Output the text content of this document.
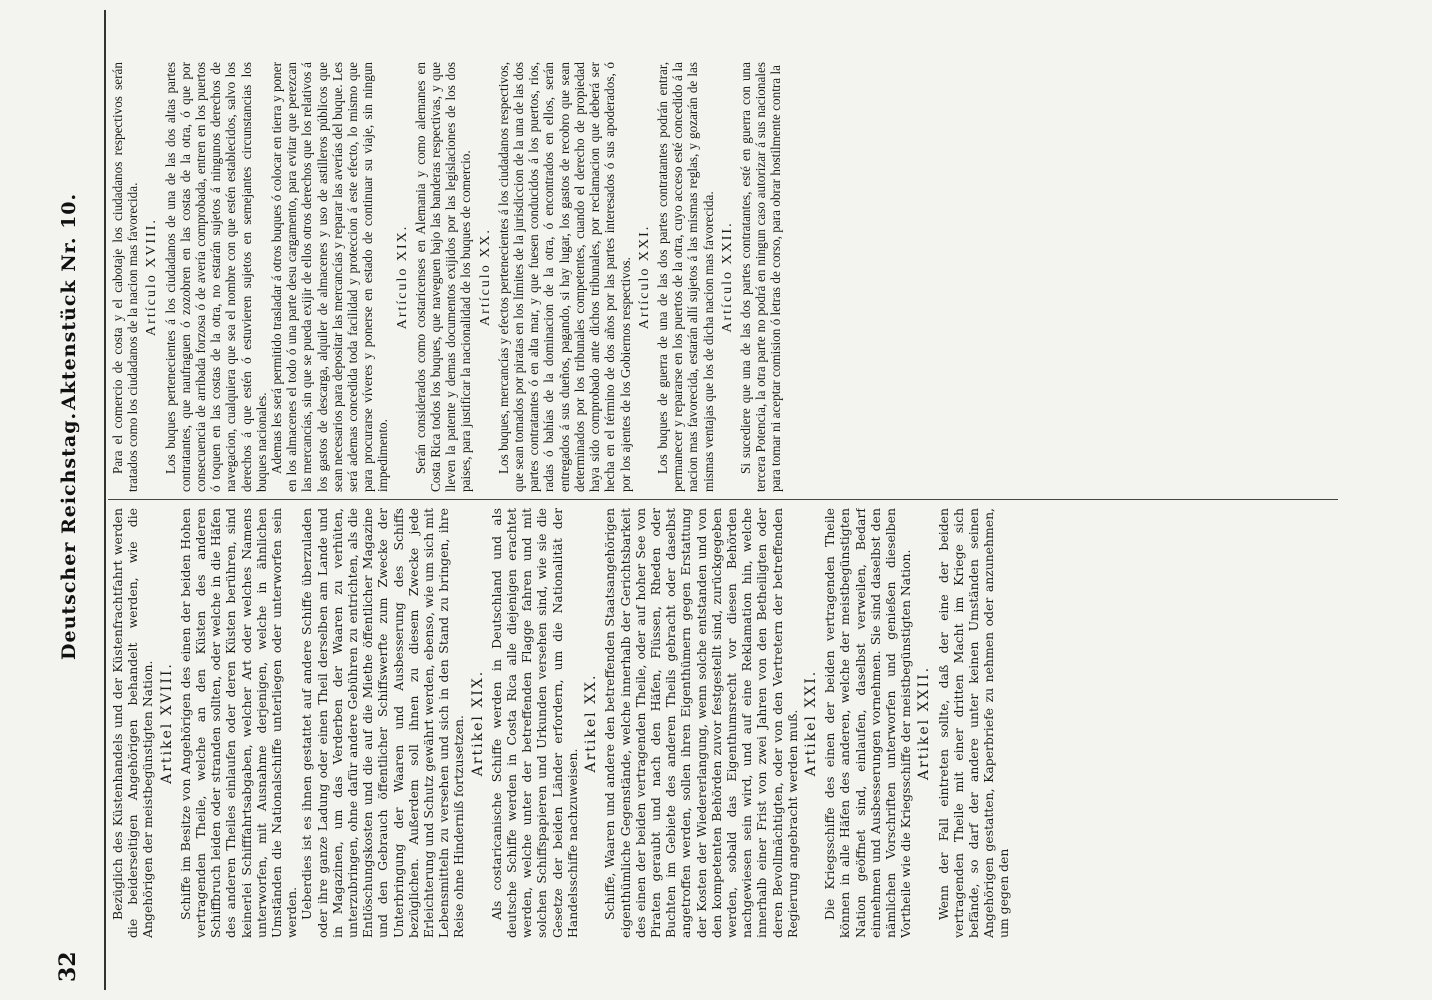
32
Deutscher Reichstag.
Aktenstück Nr. 10.

Bezüglich des Küstenhandels und der Küstenfrachtfahrt werden die beiderseitigen Angehörigen behandelt werden, wie die Angehörigen der meistbegünstigten Nation. Artikel XVIII. Schiffe im Besitze von Angehörigen des einen der beiden Hohen vertragenden Theile, welche an den Küsten des anderen Schiffbruch leiden oder stranden sollten, oder welche in die Häfen des anderen Theiles einlaufen oder deren Küsten berühren, sind keinerlei Schifffahrtsabgaben, welcher Art oder welches Namens unterworfen, mit Ausnahme derjenigen, welche in ähnlichen Umständen die Nationalschiffe unterliegen oder unterworfen sein werden. Ueberdies ist es ihnen gestattet auf andere Schiffe überzuladen oder ihre ganze Ladung oder einen Theil derselben am Lande und in Magazinen, um das Verderben der Waaren zu verhüten, unterzubringen, ohne dafür andere Gebühren zu entrichten, als die Entlöschungskosten und die auf die Miethe öffentlicher Magazine und den Gebrauch öffentlicher Schiffswerfte zum Zwecke der Unterbringung der Waaren und Ausbesserung des Schiffs bezüglichen. Außerdem soll ihnen zu diesem Zwecke jede Erleichterung und Schutz gewährt werden, ebenso, wie um sich mit Lebensmitteln zu versehen und sich in den Stand zu bringen, ihre Reise ohne Hinderniß fortzusetzen. Artikel XIX. Als costaricanische Schiffe werden in Deutschland und als deutsche Schiffe werden in Costa Rica alle diejenigen erachtet werden, welche unter der betreffenden Flagge fahren und mit solchen Schiffspapieren und Urkunden versehen sind, wie sie die Gesetze der beiden Länder erfordern, um die Nationalität der Handelsschiffe nachzuweisen.

Artikel XX. Schiffe, Waaren und andere den betreffenden Staatsangehörigen eigenthümliche Gegenstände, welche innerhalb der Gerichtsbarkeit des einen der beiden vertragenden Theile, oder auf hoher See von Piraten geraubt und nach den Häfen, Flüssen, Rheden oder Buchten im Gebiete des anderen Theils gebracht oder daselbst angetroffen werden, sollen ihren Eigenthümern gegen Erstattung der Kosten der Wiedererlangung, wenn solche entstanden und von den kompetenten Behörden zuvor festgestellt sind, zurückgegeben werden, sobald das Eigenthumsrecht vor diesen Behörden nachgewiesen sein wird, und auf eine Reklamation hin, welche innerhalb einer Frist von zwei Jahren von den Betheiligten oder deren Bevollmächtigten, oder von den Vertretern der betreffenden Regierung angebracht werden muß. Artikel XXI. Die Kriegsschiffe des einen der beiden vertragenden Theile können in alle Häfen des anderen, welche der meistbegünstigten Nation geöffnet sind, einlaufen, daselbst verweilen, Bedarf einnehmen und Ausbesserungen vornehmen. Sie sind daselbst den nämlichen Vorschriften unterworfen und genießen dieselben Vortheile wie die Kriegsschiffe der meistbegünstigten Nation. Artikel XXII. Wenn der Fall eintreten sollte, daß der eine der beiden vertragenden Theile mit einer dritten Macht im Kriege sich befände, so darf der andere unter keinen Umständen seinen Angehörigen gestatten, Kaperbriefe zu nehmen oder anzunehmen, um gegen den

Para el comercio de costa y el cabotaje los ciudadanos respectivos serán tratados como los ciudadanos de la nacion mas favorecida. Artículo XVIII. Los buques pertenecientes á los ciudadanos de una de las dos altas partes contratantes, que naufraguen ó zozobren en las costas de la otra, ó que por consecuencia de arribada forzosa ó de avería comprobada, entren en los puertos ó toquen en las costas de la otra, no estarán sujetos á ningunos derechos de navegacion, cualquiera que sea el nombre con que estén establecidos, salvo los derechos á que estén ó estuvieren sujetos en semejantes circunstancias los buques nacionales. Ademas les será permitido trasladar á otros buques ó colocar en tierra y poner en los almacenes el todo ó una parte desu cargamento, para evitar que perezcan las mercancías, sin que se pueda exijir de ellos otros derechos que los relativos á los gastos de descarga, alquiler de almacenes y uso de astilleros públicos que sean necesarios para depositar las mercancías y reparar las averías del buque. Les será ademas concedida toda facilidad y proteccion á este efecto, lo mismo que para procurarse víveres y ponerse en estado de continuar su viaje, sin ningun impedimento.

Artículo XIX. Serán considerados como costaricenses en Alemania y como alemanes en Costa Rica todos los buques, que naveguen bajo las banderas respectivas, y que lleven la patente y demas documentos exijidos por las legislaciones de los dos paises, para justificar la nacionalidad de los buques de comercio. Artículo XX. Los buques, mercancías y efectos pertenecientes á los ciudadanos respectivos, que sean tomados por piratas en los límites de la jurisdiccion de la una de las dos partes contratantes ó en alta mar, y que fuesen conducidos á los puertos, rios, radas ó bahías de la dominacion de la otra, ó encontrados en ellos, serán entregados á sus dueños, pagando, si hay lugar, los gastos de recobro que sean determinados por los tribunales competentes, cuando el derecho de propiedad haya sido comprobado ante dichos tribunales, por reclamacion que deberá ser hecha en el término de dos años por las partes interesados ó sus apoderados, ó por los ajentes de los Gobiernos respectivos. Artículo XXI. Los buques de guerra de una de las dos partes contratantes podrán entrar, permanecer y repararse en los puertos de la otra, cuyo acceso esté concedido á la nacion mas favorecida, estarán allí sujetos á las mismas reglas, y gozarán de las mismas ventajas que los de dicha nacion mas favorecida. Artículo XXII. Si sucediere que una de las dos partes contratantes, esté en guerra con una tercera Potencia, la otra parte no podrá en ningun caso autorizar á sus nacionales para tomar ni aceptar comision ó letras de corso, para obrar hostilmente contra la
